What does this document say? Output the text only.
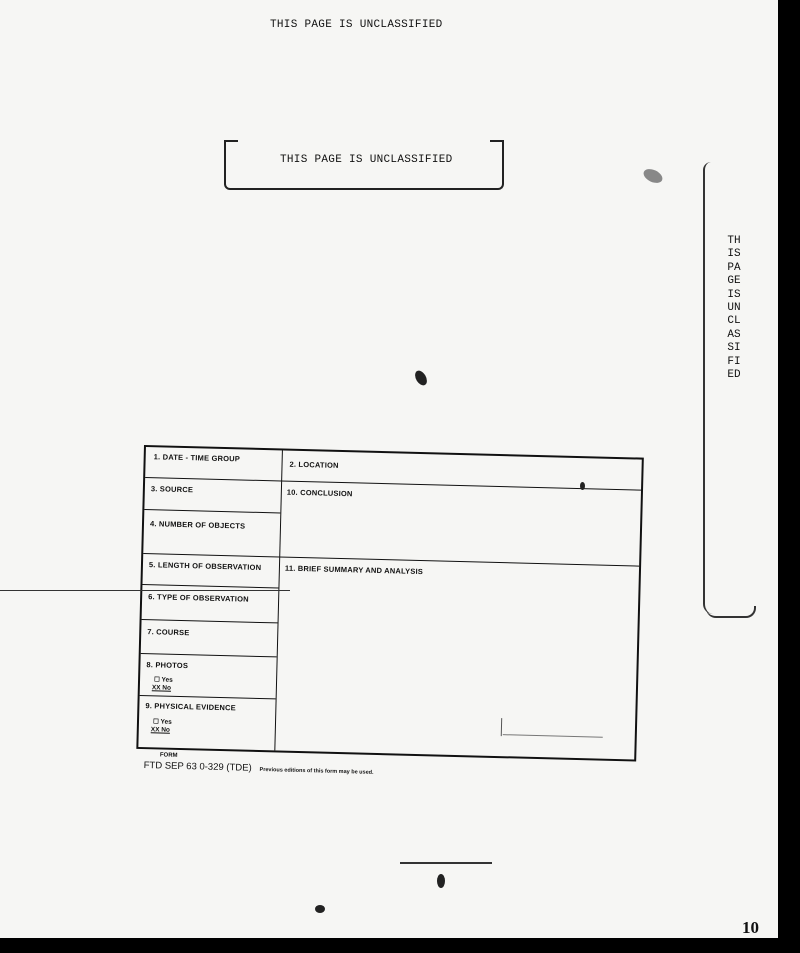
THIS PAGE IS UNCLASSIFIED
THIS PAGE IS UNCLASSIFIED
THIS PAGE IS UNCLASSIFIED
1. DATE - TIME GROUP
2. LOCATION
3. SOURCE	10. CONCLUSION
4. NUMBER OF OBJECTS
5. LENGTH OF OBSERVATION	11. BRIEF SUMMARY AND ANALYSIS
6. TYPE OF OBSERVATION
7. COURSE
8. PHOTOS
☐ Yes
XX No
9. PHYSICAL EVIDENCE
☐ Yes
XX No
FORM
FTD SEP 63 0-329 (TDE) Previous editions of this form may be used.
10
